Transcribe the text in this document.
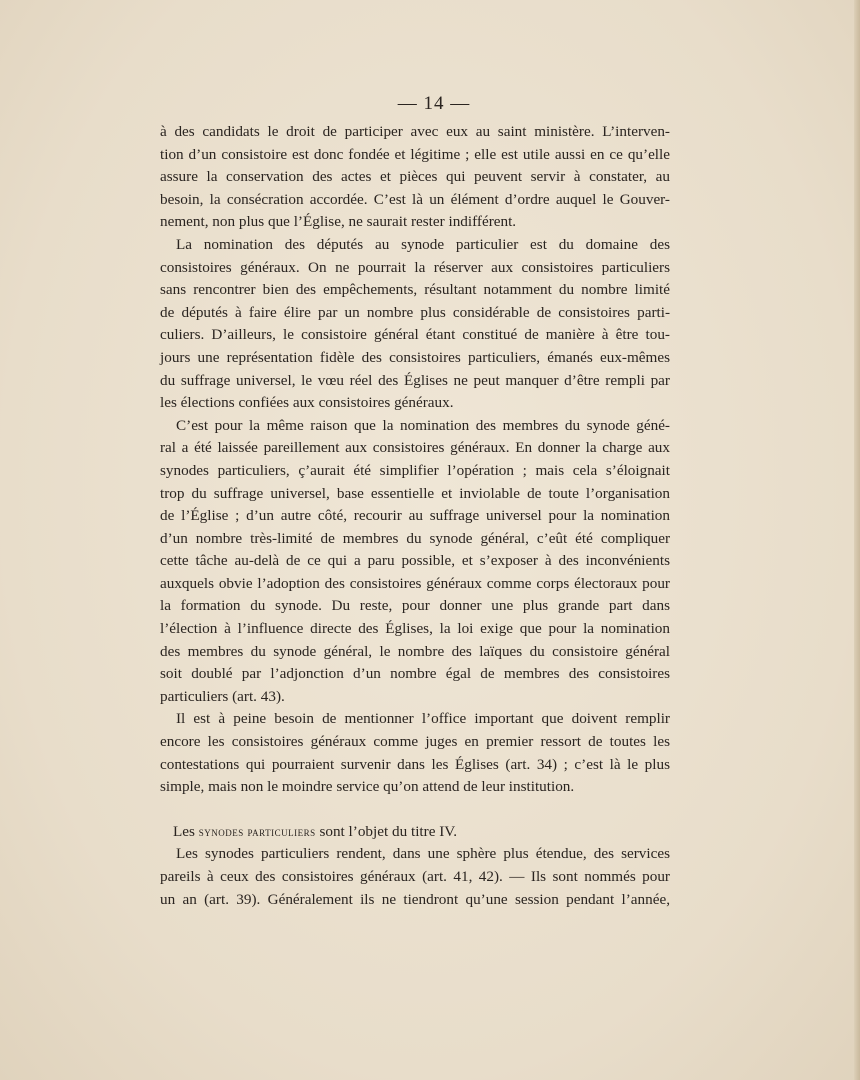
— 14 —
à des candidats le droit de participer avec eux au saint ministère. L’interven-
tion d’un consistoire est donc fondée et légitime ; elle est utile aussi en ce qu’elle
assure la conservation des actes et pièces qui peuvent servir à constater, au
besoin, la consécration accordée. C’est là un élément d’ordre auquel le Gouver-
nement, non plus que l’Église, ne saurait rester indifférent.
La nomination des députés au synode particulier est du domaine des
consistoires généraux. On ne pourrait la réserver aux consistoires particuliers
sans rencontrer bien des empêchements, résultant notamment du nombre limité
de députés à faire élire par un nombre plus considérable de consistoires parti-
culiers. D’ailleurs, le consistoire général étant constitué de manière à être tou-
jours une représentation fidèle des consistoires particuliers, émanés eux-mêmes
du suffrage universel, le vœu réel des Églises ne peut manquer d’être rempli par
les élections confiées aux consistoires généraux.
C’est pour la même raison que la nomination des membres du synode géné-
ral a été laissée pareillement aux consistoires généraux. En donner la charge aux
synodes particuliers, ç’aurait été simplifier l’opération ; mais cela s’éloignait
trop du suffrage universel, base essentielle et inviolable de toute l’organisation
de l’Église ; d’un autre côté, recourir au suffrage universel pour la nomination
d’un nombre très-limité de membres du synode général, c’eût été compliquer
cette tâche au-delà de ce qui a paru possible, et s’exposer à des inconvénients
auxquels obvie l’adoption des consistoires généraux comme corps électoraux pour
la formation du synode. Du reste, pour donner une plus grande part dans
l’élection à l’influence directe des Églises, la loi exige que pour la nomination
des membres du synode général, le nombre des laïques du consistoire général
soit doublé par l’adjonction d’un nombre égal de membres des consistoires
particuliers (art. 43).
Il est à peine besoin de mentionner l’office important que doivent remplir
encore les consistoires généraux comme juges en premier ressort de toutes les
contestations qui pourraient survenir dans les Églises (art. 34) ; c’est là le plus
simple, mais non le moindre service qu’on attend de leur institution.
Les synodes particuliers sont l’objet du titre IV.
Les synodes particuliers rendent, dans une sphère plus étendue, des services
pareils à ceux des consistoires généraux (art. 41, 42). — Ils sont nommés pour
un an (art. 39). Généralement ils ne tiendront qu’une session pendant l’année,
